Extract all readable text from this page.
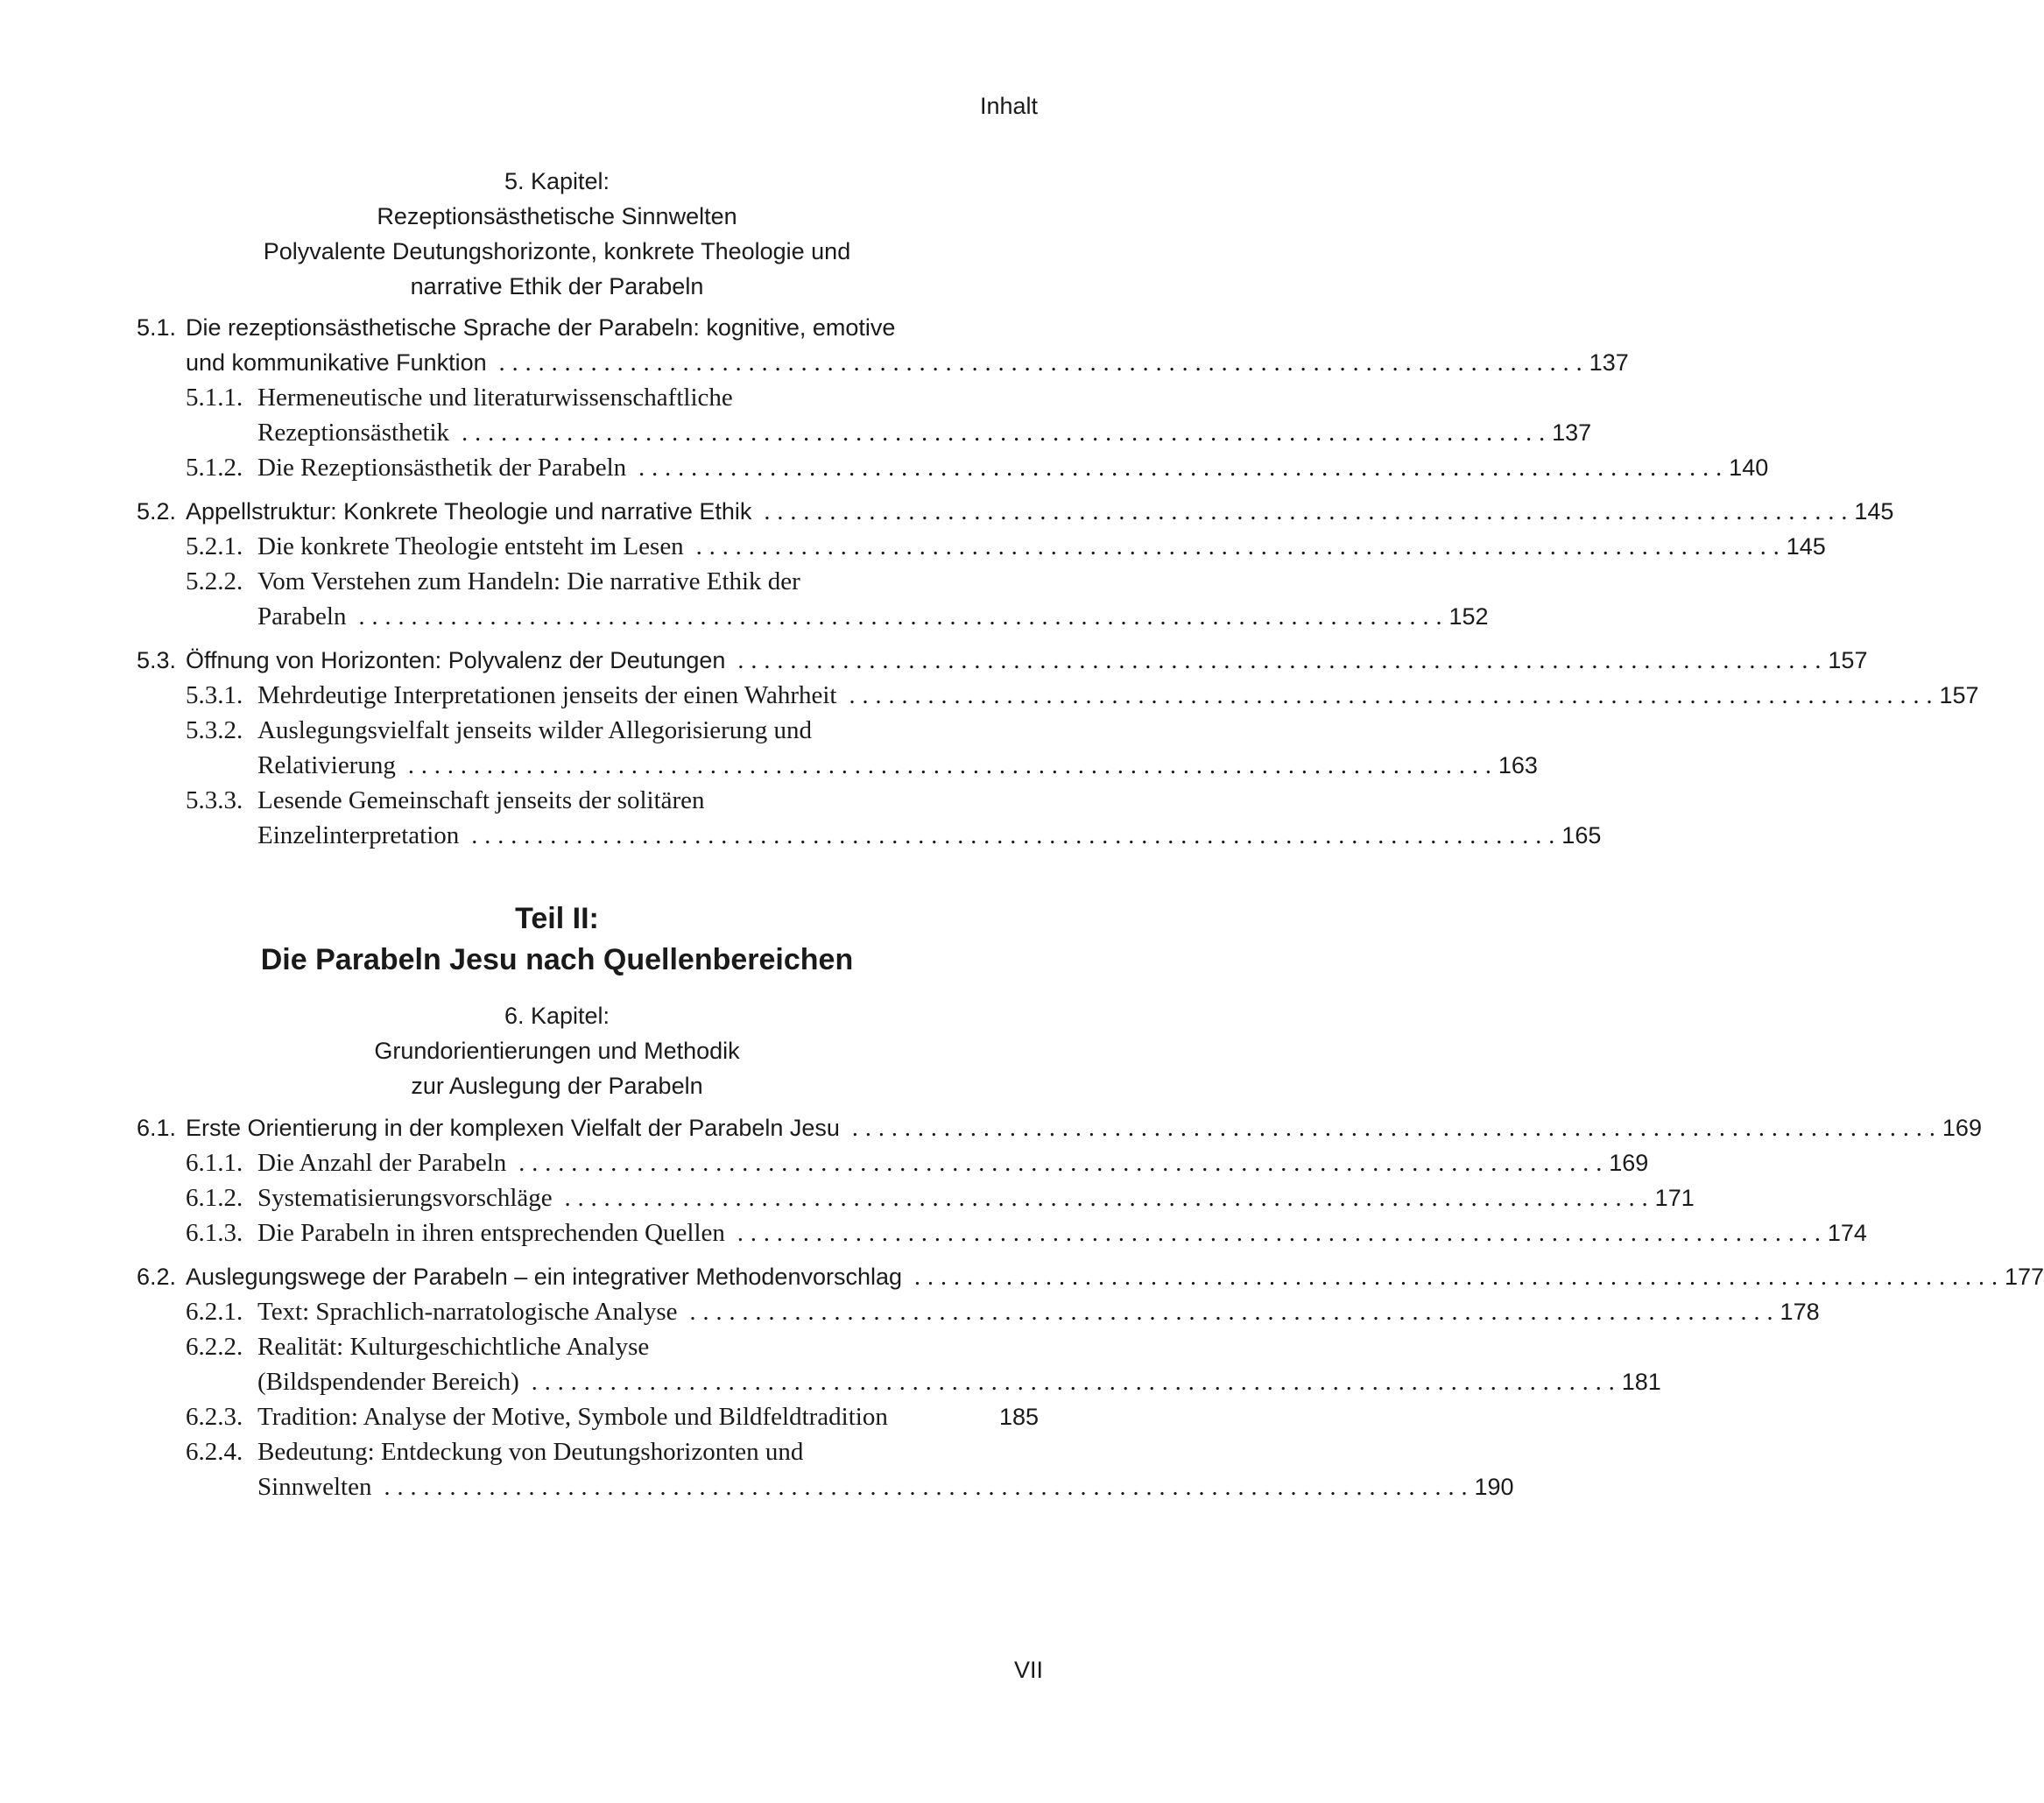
Inhalt
5. Kapitel:
Rezeptionsästhetische Sinnwelten
Polyvalente Deutungshorizonte, konkrete Theologie und
narrative Ethik der Parabeln
5.1. Die rezeptionsästhetische Sprache der Parabeln: kognitive, emotive
und kommunikative Funktion ................................................................................... 137
5.1.1. Hermeneutische und literaturwissenschaftliche
Rezeptionsästhetik ................................................................................... 137
5.1.2. Die Rezeptionsästhetik der Parabeln ................................................................................... 140
5.2. Appellstruktur: Konkrete Theologie und narrative Ethik ................................................................................... 145
5.2.1. Die konkrete Theologie entsteht im Lesen ................................................................................... 145
5.2.2. Vom Verstehen zum Handeln: Die narrative Ethik der
Parabeln ................................................................................... 152
5.3. Öffnung von Horizonten: Polyvalenz der Deutungen ................................................................................... 157
5.3.1. Mehrdeutige Interpretationen jenseits der einen Wahrheit ................................................................................... 157
5.3.2. Auslegungsvielfalt jenseits wilder Allegorisierung und
Relativierung ................................................................................... 163
5.3.3. Lesende Gemeinschaft jenseits der solitären
Einzelinterpretation ................................................................................... 165
Teil II:
Die Parabeln Jesu nach Quellenbereichen
6. Kapitel:
Grundorientierungen und Methodik
zur Auslegung der Parabeln
6.1. Erste Orientierung in der komplexen Vielfalt der Parabeln Jesu ................................................................................... 169
6.1.1. Die Anzahl der Parabeln ................................................................................... 169
6.1.2. Systematisierungsvorschläge ................................................................................... 171
6.1.3. Die Parabeln in ihren entsprechenden Quellen ................................................................................... 174
6.2. Auslegungswege der Parabeln – ein integrativer Methodenvorschlag ................................................................................... 177
6.2.1. Text: Sprachlich-narratologische Analyse ................................................................................... 178
6.2.2. Realität: Kulturgeschichtliche Analyse
(Bildspendender Bereich) ................................................................................... 181
6.2.3. Tradition: Analyse der Motive, Symbole und Bildfeldtradition	185
6.2.4. Bedeutung: Entdeckung von Deutungshorizonten und
Sinnwelten ................................................................................... 190
VII
